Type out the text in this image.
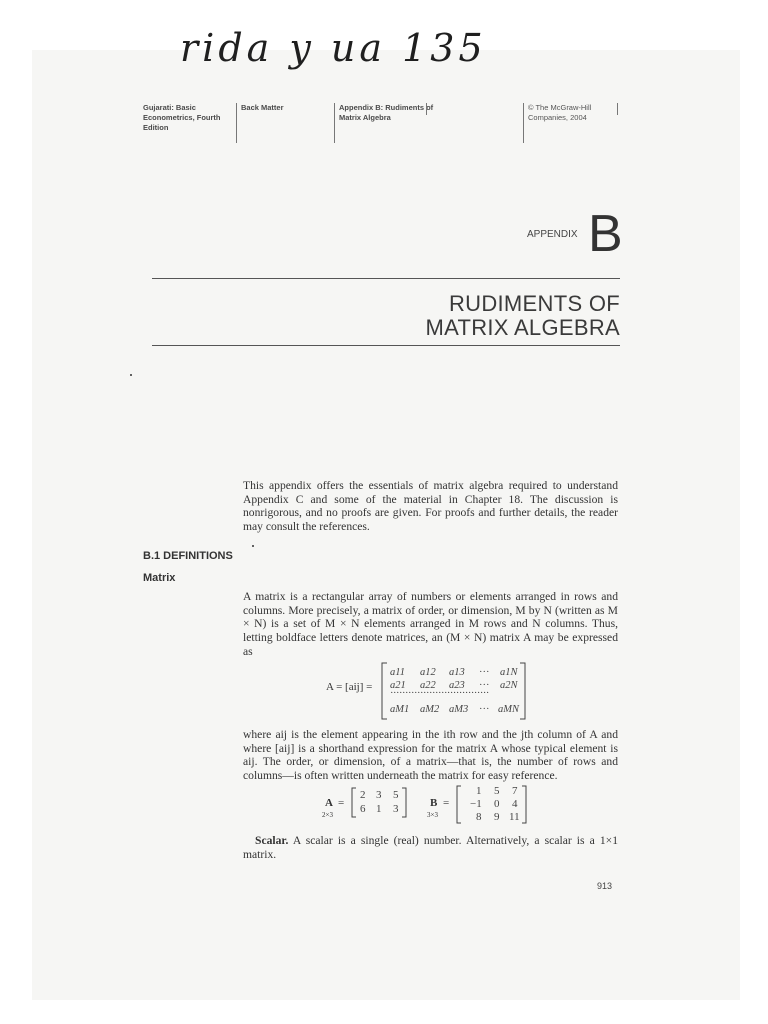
rida y ua 135
Gujarati: Basic
Econometrics, Fourth
Edition
Back Matter	Appendix B: Rudiments of
Matrix Algebra
© The McGraw-Hill
Companies, 2004
APPENDIX B
RUDIMENTS OF
MATRIX ALGEBRA
This appendix offers the essentials of matrix algebra required to understand Appendix C and some of the material in Chapter 18. The discussion is nonrigorous, and no proofs are given. For proofs and further details, the reader may consult the references.
B.1 DEFINITIONS
Matrix
A matrix is a rectangular array of numbers or elements arranged in rows and columns. More precisely, a matrix of order, or dimension, M by N (written as M × N) is a set of M × N elements arranged in M rows and N columns. Thus, letting boldface letters denote matrices, an (M × N) matrix A may be expressed as
A = [aij] =
a11 a12 a13 ··· a1N
a21 a22 a23 ··· a2N
·································
aM1 aM2 aM3 ··· aMN
where aij is the element appearing in the ith row and the jth column of A and where [aij] is a shorthand expression for the matrix A whose typical element is aij. The order, or dimension, of a matrix—that is, the number of rows and columns—is often written underneath the matrix for easy reference.
A
2×3
=
2 3 5
6 1 3	B
3×3
=
1 5 7
−1 0 4
8 9 11
Scalar. A scalar is a single (real) number. Alternatively, a scalar is a 1×1 matrix.
913
